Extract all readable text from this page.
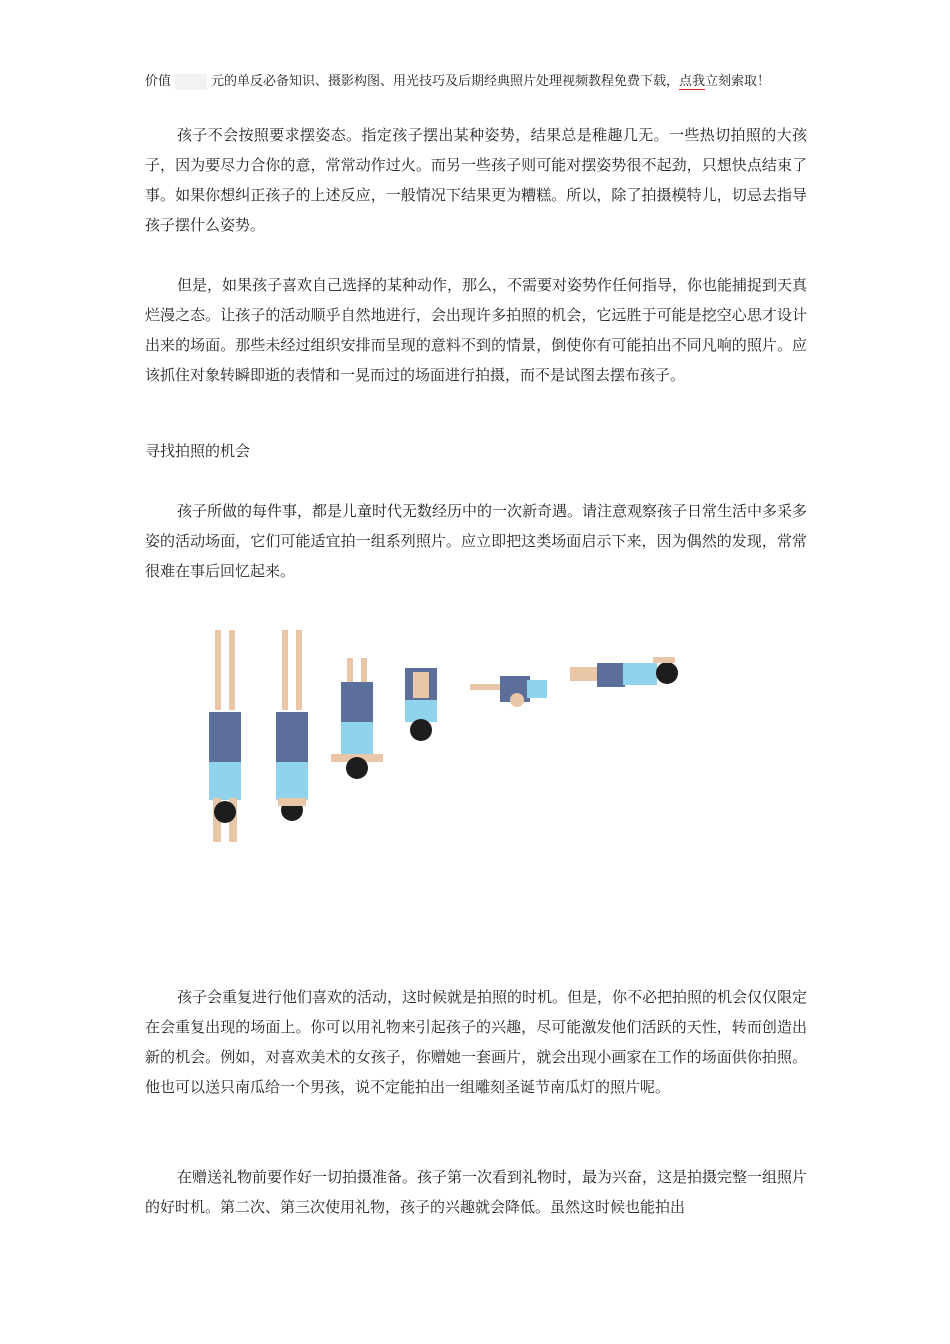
价值	元的单反必备知识、摄影构图、用光技巧及后期经典照片处理视频教程免费下载，点我立刻索取！

孩子不会按照要求摆姿态。指定孩子摆出某种姿势，结果总是稚趣几无。一些热切拍照的大孩子，因为要尽力合你的意，常常动作过火。而另一些孩子则可能对摆姿势很不起劲，只想快点结束了事。如果你想纠正孩子的上述反应，一般情况下结果更为糟糕。所以，除了拍摄模特儿，切忌去指导孩子摆什么姿势。

但是，如果孩子喜欢自己选择的某种动作，那么，不需要对姿势作任何指导，你也能捕捉到天真烂漫之态。让孩子的活动顺乎自然地进行，会出现许多拍照的机会，它远胜于可能是挖空心思才设计出来的场面。那些未经过组织安排而呈现的意料不到的情景，倒使你有可能拍出不同凡响的照片。应该抓住对象转瞬即逝的表情和一晃而过的场面进行拍摄，而不是试图去摆布孩子。

寻找拍照的机会

孩子所做的每件事，都是儿童时代无数经历中的一次新奇遇。请注意观察孩子日常生活中多采多姿的活动场面，它们可能适宜拍一组系列照片。应立即把这类场面启示下来，因为偶然的发现，常常很难在事后回忆起来。

孩子会重复进行他们喜欢的活动，这时候就是拍照的时机。但是，你不必把拍照的机会仅仅限定在会重复出现的场面上。你可以用礼物来引起孩子的兴趣，尽可能激发他们活跃的天性，转而创造出新的机会。例如，对喜欢美术的女孩子，你赠她一套画片，就会出现小画家在工作的场面供你拍照。他也可以送只南瓜给一个男孩，说不定能拍出一组雕刻圣诞节南瓜灯的照片呢。

在赠送礼物前要作好一切拍摄准备。孩子第一次看到礼物时，最为兴奋，这是拍摄完整一组照片的好时机。第二次、第三次使用礼物，孩子的兴趣就会降低。虽然这时候也能拍出
